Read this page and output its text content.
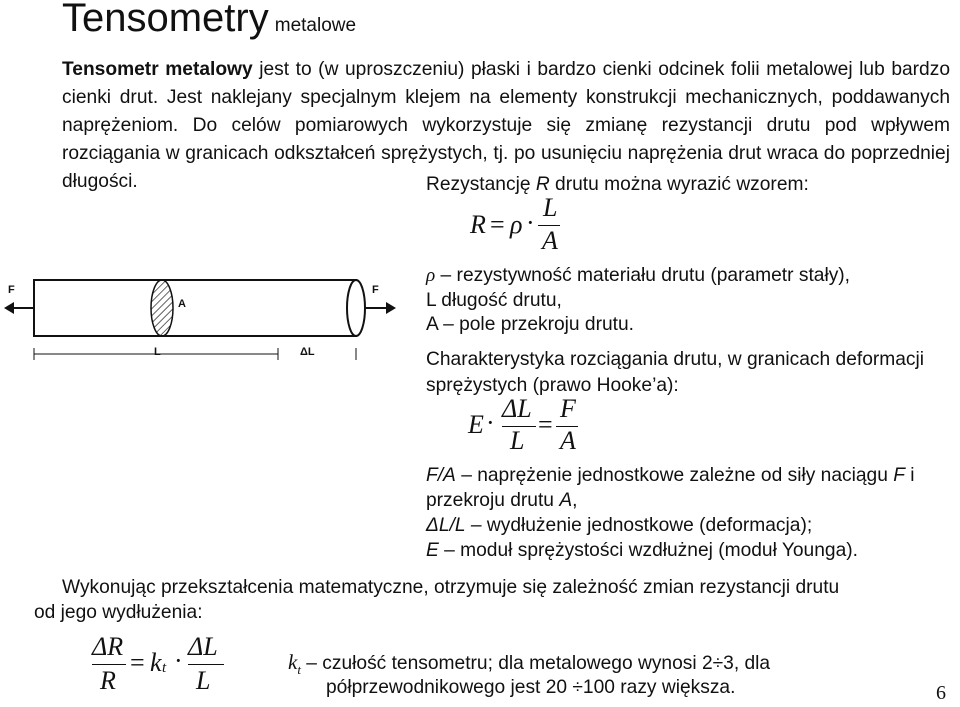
Tensometry metalowe
Tensometr metalowy jest to (w uproszczeniu) płaski i bardzo cienki odcinek folii metalowej lub bardzo cienki drut. Jest naklejany specjalnym klejem na elementy konstrukcji mechanicznych, poddawanych naprężeniom. Do celów pomiarowych wykorzystuje się zmianę rezystancji drutu pod wpływem rozciągania w granicach odkształceń sprężystych, tj. po usunięciu naprężenia drut wraca do poprzedniej długości.
F	F
A
L	ΔL
Rezystancję R drutu można wyrazić wzorem:
R = ρ ·
L
A
ρ – rezystywność materiału drutu (parametr stały),
L długość drutu,
A – pole przekroju drutu.
Charakterystyka rozciągania drutu, w granicach deformacji
sprężystych (prawo Hooke’a):
E · ΔL
L
=
F
A
F/A – naprężenie jednostkowe zależne od siły naciągu F i
przekroju drutu A,
ΔL/L – wydłużenie jednostkowe (deformacja);
E – moduł sprężystości wzdłużnej (moduł Younga).
Wykonując przekształcenia matematyczne, otrzymuje się zależność zmian rezystancji drutu
od jego wydłużenia:
ΔR
R
= k t · ΔL
L
$k_t$ – czułość tensometru; dla metalowego wynosi 2÷3, dla
półprzewodnikowego jest 20 ÷100 razy większa.	6
